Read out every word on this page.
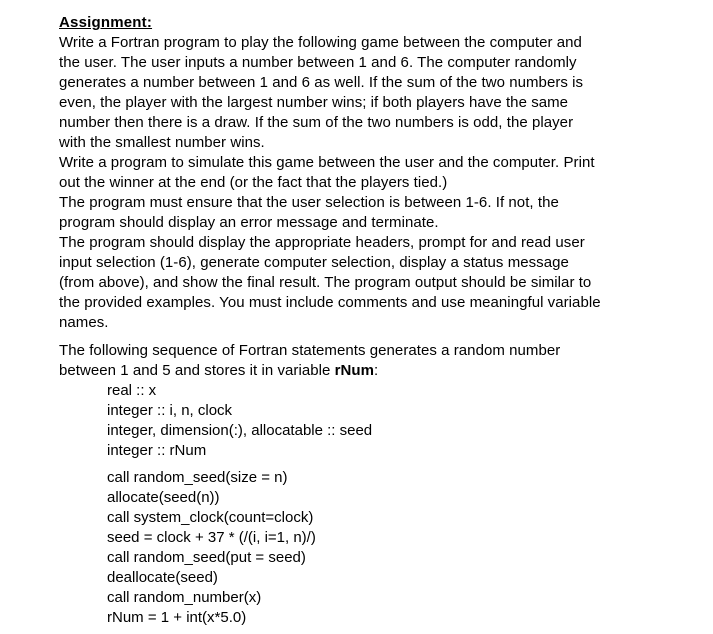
Assignment:

Write a Fortran program to play the following game between the computer and
the user. The user inputs a number between 1 and 6. The computer randomly
generates a number between 1 and 6 as well. If the sum of the two numbers is
even, the player with the largest number wins; if both players have the same
number then there is a draw. If the sum of the two numbers is odd, the player
with the smallest number wins.

Write a program to simulate this game between the user and the computer. Print
out the winner at the end (or the fact that the players tied.)

The program must ensure that the user selection is between 1-6. If not, the
program should display an error message and terminate.

The program should display the appropriate headers, prompt for and read user
input selection (1-6), generate computer selection, display a status message
(from above), and show the final result. The program output should be similar to
the provided examples. You must include comments and use meaningful variable
names.

The following sequence of Fortran statements generates a random number
between 1 and 5 and stores it in variable rNum:

real :: x
integer :: i, n, clock
integer, dimension(:), allocatable :: seed
integer :: rNum
call random_seed(size = n)
allocate(seed(n))
call system_clock(count=clock)
seed = clock + 37 * (/(i, i=1, n)/)
call random_seed(put = seed)
deallocate(seed)
call random_number(x)
rNum = 1 + int(x*5.0)
